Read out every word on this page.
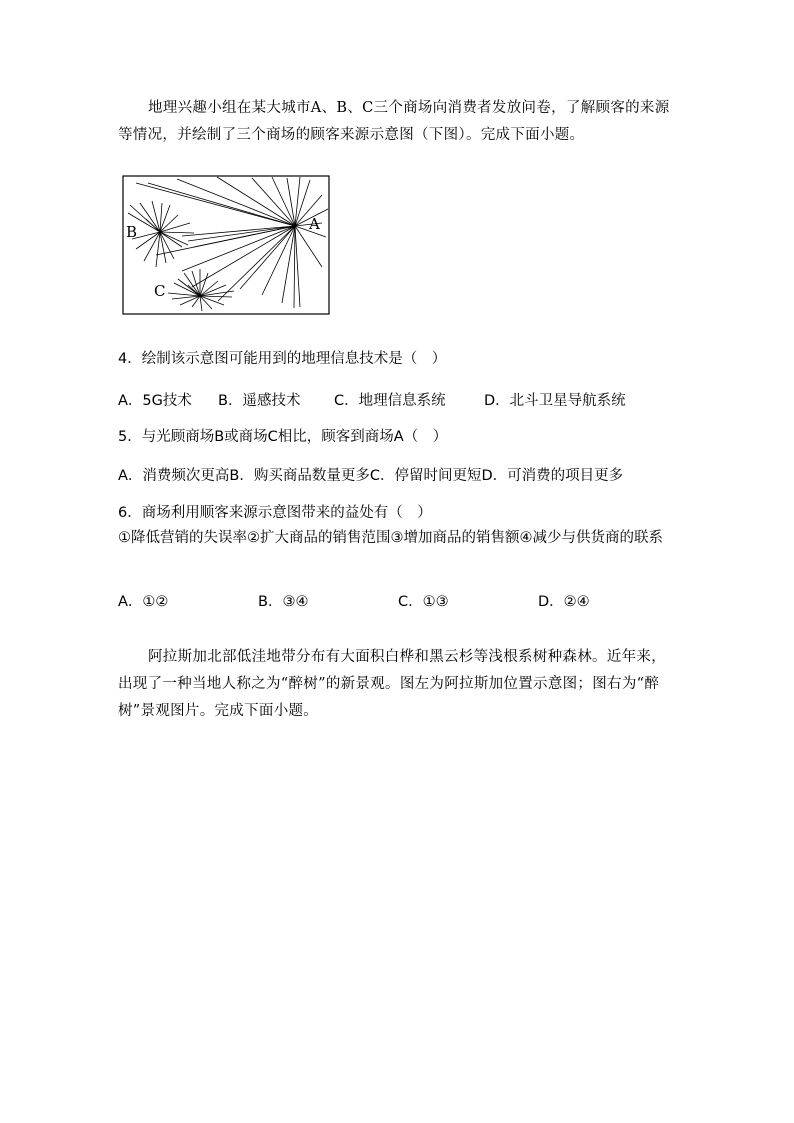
地理兴趣小组在某大城市A、B、C三个商场向消费者发放问卷，了解顾客的来源等情况，并绘制了三个商场的顾客来源示意图（下图）。完成下面小题。
A
B
C
4．绘制该示意图可能用到的地理信息技术是（　）
A．5G技术 B．遥感技术 C．地理信息系统	D．北斗卫星导航系统
5．与光顾商场B或商场C相比，顾客到商场A（　）
A．消费频次更高B．购买商品数量更多C．停留时间更短D．可消费的项目更多
6．商场利用顺客来源示意图带来的益处有（　）
①降低营销的失误率②扩大商品的销售范围③增加商品的销售额④减少与供货商的联系
A．①②	B．③④	C．①③	D．②④
阿拉斯加北部低洼地带分布有大面积白桦和黑云杉等浅根系树种森林。近年来，出现了一种当地人称之为“醉树”的新景观。图左为阿拉斯加位置示意图；图右为“醉树”景观图片。完成下面小题。
